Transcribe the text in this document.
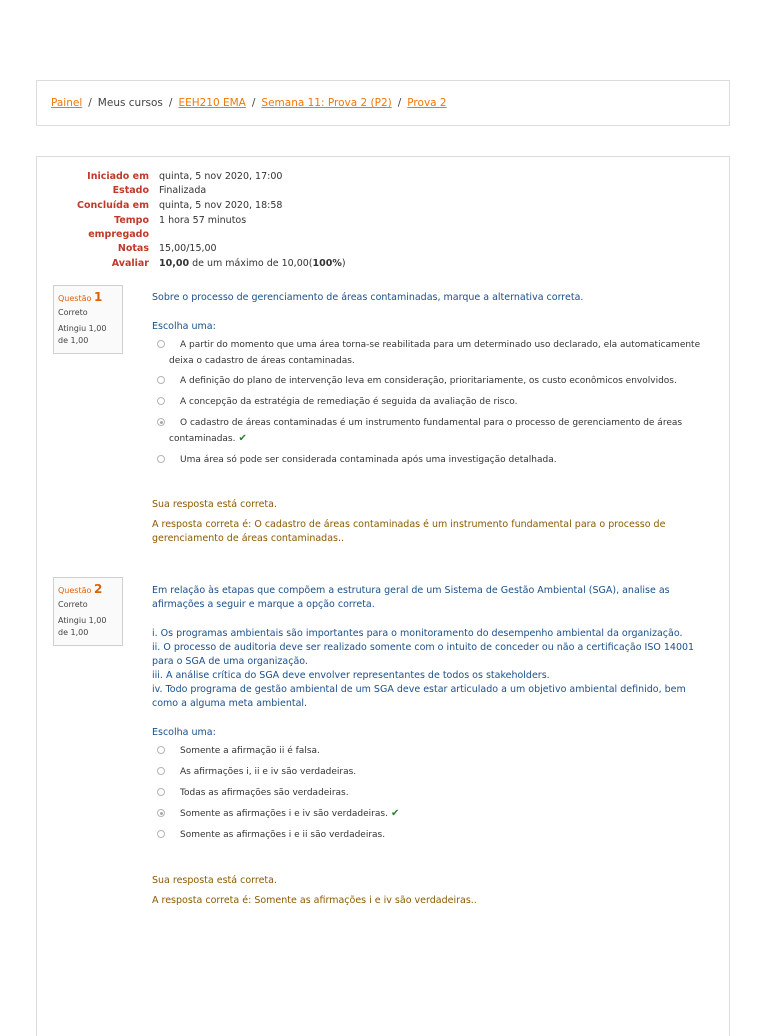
Painel / Meus cursos / EEH210 EMA / Semana 11: Prova 2 (P2) / Prova 2
Iniciado em quinta, 5 nov 2020, 17:00
Estado Finalizada
Concluída em quinta, 5 nov 2020, 18:58
Tempo 1 hora 57 minutos
empregado
Notas 15,00/15,00
Avaliar 10,00 de um máximo de 10,00(100%)
Questão 1
Correto
Atingiu 1,00 de 1,00
Sobre o processo de gerenciamento de áreas contaminadas, marque a alternativa correta.
Escolha uma:
A partir do momento que uma área torna-se reabilitada para um determinado uso declarado, ela automaticamente deixa o cadastro de áreas contaminadas.
A definição do plano de intervenção leva em consideração, prioritariamente, os custo econômicos envolvidos.
A concepção da estratégia de remediação é seguida da avaliação de risco.
O cadastro de áreas contaminadas é um instrumento fundamental para o processo de gerenciamento de áreas contaminadas. ✔
Uma área só pode ser considerada contaminada após uma investigação detalhada.
Sua resposta está correta.
A resposta correta é: O cadastro de áreas contaminadas é um instrumento fundamental para o processo de gerenciamento de áreas contaminadas..
Questão 2
Correto
Atingiu 1,00 de 1,00
Em relação às etapas que compõem a estrutura geral de um Sistema de Gestão Ambiental (SGA), analise as afirmações a seguir e marque a opção correta.
i. Os programas ambientais são importantes para o monitoramento do desempenho ambiental da organização.
ii. O processo de auditoria deve ser realizado somente com o intuito de conceder ou não a certificação ISO 14001 para o SGA de uma organização.
iii. A análise crítica do SGA deve envolver representantes de todos os stakeholders.
iv. Todo programa de gestão ambiental de um SGA deve estar articulado a um objetivo ambiental definido, bem como a alguma meta ambiental.
Escolha uma:
Somente a afirmação ii é falsa.
As afirmações i, ii e iv são verdadeiras.
Todas as afirmações são verdadeiras.
Somente as afirmações i e iv são verdadeiras. ✔
Somente as afirmações i e ii são verdadeiras.
Sua resposta está correta.
A resposta correta é: Somente as afirmações i e iv são verdadeiras..
